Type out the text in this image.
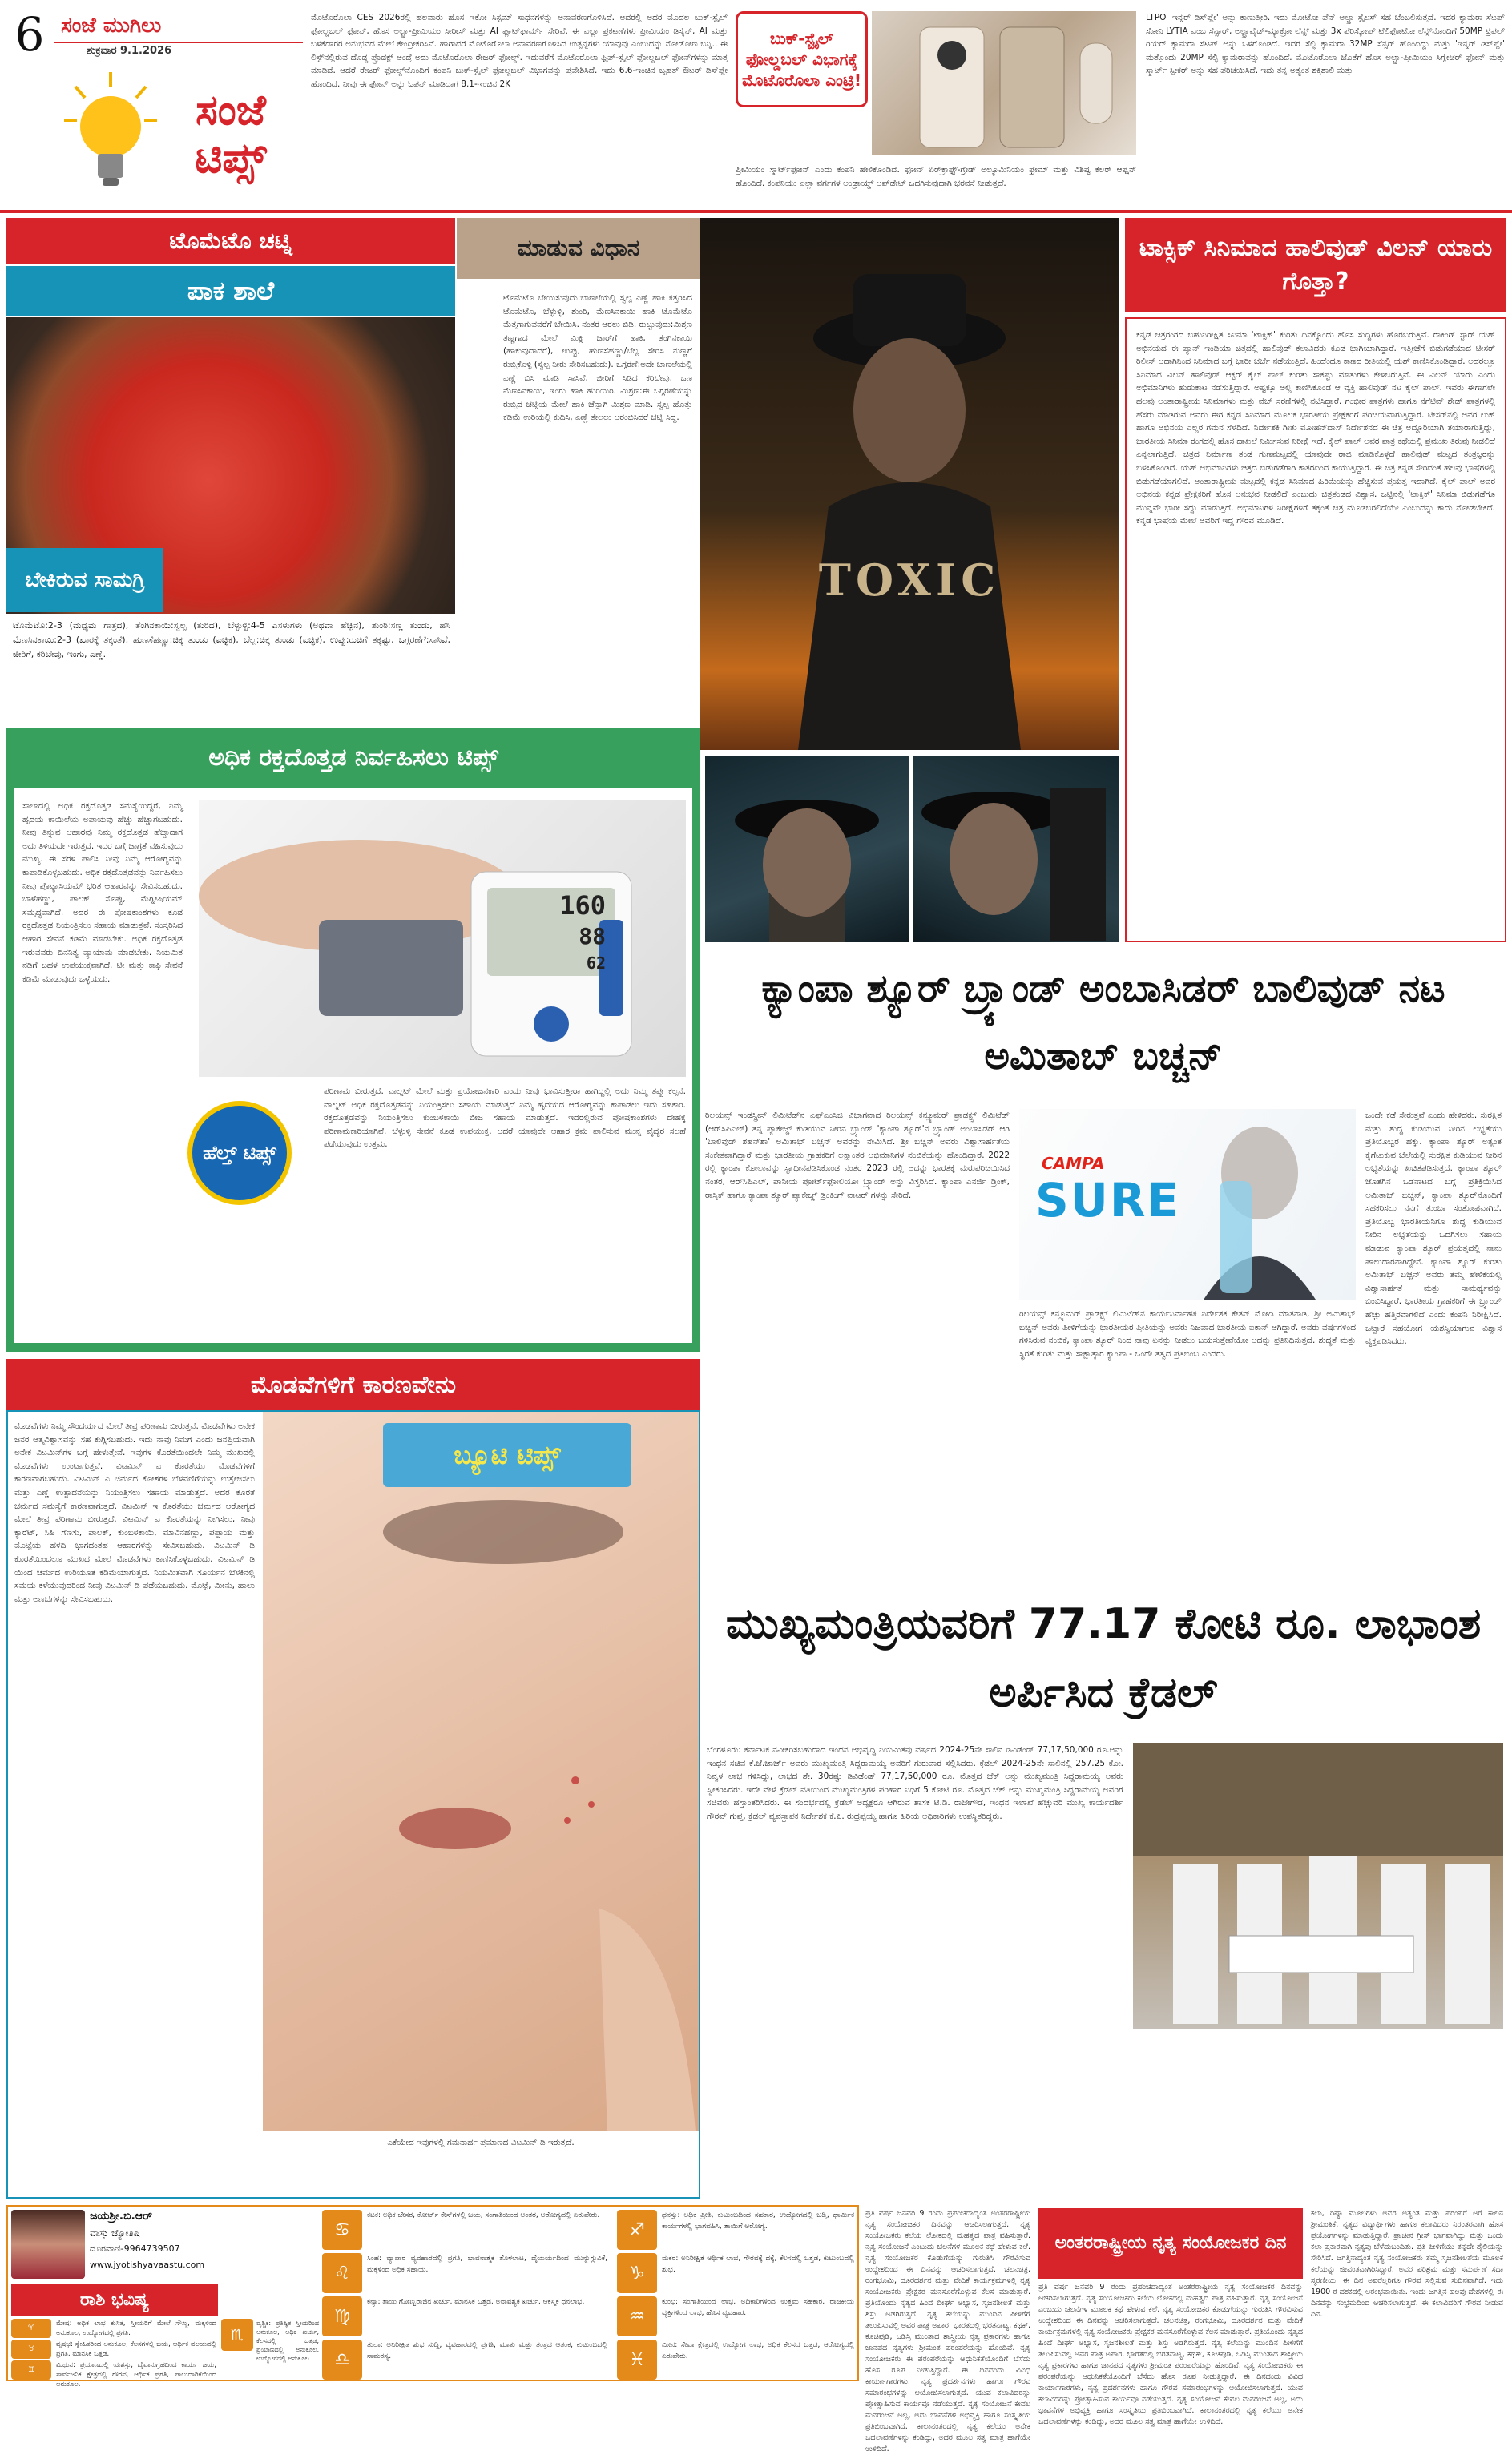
6 ಸಂಜೆ ಮುಗಿಲು
ಶುಕ್ರವಾರ 9.1.2026
ಸಂಜೆ ಟಿಪ್ಸ್
ಮೊಟೊರೊಲಾ CES 2026ರಲ್ಲಿ ಹಲವಾರು ಹೊಸ ಇಕೋ ಸಿಸ್ಟಮ್ ಸಾಧನಗಳನ್ನು ಅನಾವರಣಗೊಳಿಸಿದೆ. ಅದರಲ್ಲಿ ಅದರ ಮೊದಲ ಬುಕ್-ಸ್ಟೈಲ್ ಫೋಲ್ಡಬಲ್ ಫೋನ್, ಹೊಸ ಅಲ್ಟ್ರಾ-ಪ್ರೀಮಿಯಂ ಸೀರೀಸ್ ಮತ್ತು AI ಪ್ಲಾಟ್‌ಫಾರ್ಮ್ ಸೇರಿವೆ. ಈ ಎಲ್ಲಾ ಪ್ರಕಟಣೆಗಳು ಪ್ರೀಮಿಯಂ ಡಿಸೈನ್, AI ಮತ್ತು ಬಳಕೆದಾರರ ಅನುಭವದ ಮೇಲೆ ಕೇಂದ್ರೀಕರಿಸಿವೆ. ಹಾಗಾದರೆ ಮೊಟೊರೊಲಾ ಅನಾವರಣಗೊಳಿಸಿದ ಉತ್ಪನ್ನಗಳು ಯಾವುವು ಎಂಬುದನ್ನು ನೋಡೋಣ ಬನ್ನಿ.. ಈ ಲಿಸ್ಟ್‌ನಲ್ಲಿರುವ ದೊಡ್ಡ ಪ್ರೊಡಕ್ಟ್ ಅಂದ್ರೆ ಅದು ಮೊಟೊರೊಲಾ ರೇಜರ್ ಫೋಲ್ಡ್. ಇದುವರೆಗೆ ಮೊಟೊರೊಲಾ ಫ್ಲಿಪ್-ಸ್ಟೈಲ್ ಫೋಲ್ಡಬಲ್ ಫೋನ್‌ಗಳನ್ನು ಮಾತ್ರ ಮಾಡಿದೆ. ಆದರೆ ರೇಜರ್ ಫೋಲ್ಡ್‌ನೊಂದಿಗೆ ಕಂಪನಿ ಬುಕ್-ಸ್ಟೈಲ್ ಫೋಲ್ಡಬಲ್ ವಿಭಾಗವನ್ನು ಪ್ರವೇಶಿಸಿದೆ. ಇದು 6.6-ಇಂಚಿನ ಬೃಹತ್ ಔಟರ್ ಡಿಸ್‌ಪ್ಲೇ ಹೊಂದಿದೆ. ನೀವು ಈ ಫೋನ್ ಅನ್ನು ಓಪನ್ ಮಾಡಿದಾಗ 8.1-ಇಂಚಿನ 2K
ಬುಕ್-ಸ್ಟೈಲ್ ಫೋಲ್ಡಬಲ್ ವಿಭಾಗಕ್ಕೆ ಮೊಟೊರೊಲಾ ಎಂಟ್ರಿ!
ಪ್ರೀಮಿಯಂ ಸ್ಮಾರ್ಟ್‌ಫೋನ್ ಎಂದು ಕಂಪನಿ ಹೇಳಿಕೊಂಡಿದೆ. ಫೋನ್ ಏರ್‌ಕ್ರಾಫ್ಟ್-ಗ್ರೇಡ್ ಅಲ್ಯೂಮಿನಿಯಂ ಫ್ರೇಮ್ ಮತ್ತು ವಿಶಿಷ್ಟ ಕಲರ್ ಆಪ್ಷನ್ ಹೊಂದಿದೆ. ಕಂಪನಿಯು ಎಲ್ಲಾ ವರ್ಗಗಳ ಅಂಡ್ರಾಯ್ಡ್ ಅಪ್‌ಡೇಟ್ ಒದಗಿಸುವುದಾಗಿ ಭರವಸೆ ನೀಡುತ್ತದೆ.
LTPO 'ಇನ್ನರ್ ಡಿಸ್‌ಪ್ಲೇ' ಅನ್ನು ಕಾಣುತ್ತೀರಿ. ಇದು ಮೋಟೋ ಪೆನ್ ಅಲ್ಟ್ರಾ ಸ್ಟೈಲಸ್ ಸಹ ಬೆಂಬಲಿಸುತ್ತದೆ. ಇದರ ಕ್ಯಾಮರಾ ಸೆಟಪ್ ಸೋನಿ LYTIA ಎಂಬ ಸೆನ್ಸಾರ್, ಅಲ್ಟ್ರಾವೈಡ್-ಮ್ಯಾಕ್ರೋ ಲೆನ್ಸ್ ಮತ್ತು 3x ಪೆರಿಸ್ಕೋಪ್ ಟೆಲಿಫೋಟೋ ಲೆನ್ಸ್‌ನೊಂದಿಗೆ 50MP ಟ್ರಿಪಲ್ ರಿಯರ್ ಕ್ಯಾಮರಾ ಸೆಟಪ್ ಅನ್ನು ಒಳಗೊಂಡಿದೆ. ಇದರ ಸೆಲ್ಫಿ ಕ್ಯಾಮರಾ 32MP ಸೆನ್ಸರ್ ಹೊಂದಿದ್ದು ಮತ್ತು 'ಇನ್ನರ್ ಡಿಸ್‌ಪ್ಲೇ' ಮತ್ತೊಂದು 20MP ಸೆಲ್ಫಿ ಕ್ಯಾಮರಾವನ್ನು ಹೊಂದಿದೆ. ಮೊಟೊರೊಲಾ ಜೊತೆಗೆ ಹೊಸ ಅಲ್ಟ್ರಾ-ಪ್ರೀಮಿಯಂ ಸಿಗ್ನೇಚರ್ ಫೋನ್ ಮತ್ತು ಸ್ಮಾರ್ಟ್ ಸ್ಪೀಕರ್ ಅನ್ನು ಸಹ ಪರಿಚಯಿಸಿದೆ. ಇದು ತನ್ನ ಅತ್ಯಂತ ಶಕ್ತಿಶಾಲಿ ಮತ್ತು
ಟೊಮೆಟೊ ಚಟ್ನಿ	ಮಾಡುವ ವಿಧಾನ
ಪಾಕ ಶಾಲೆ
ಬೇಕಿರುವ ಸಾಮಗ್ರಿ
ಟೊಮೆಟೊ:2-3 (ಮಧ್ಯಮ ಗಾತ್ರದ), ತೆಂಗಿನಕಾಯಿ:ಸ್ವಲ್ಪ (ತುರಿದ), ಬೆಳ್ಳುಳ್ಳಿ:4-5 ಎಸಳುಗಳು (ಅಥವಾ ಹೆಚ್ಚಿನ), ಶುಂಠಿ:ಸಣ್ಣ ತುಂಡು, ಹಸಿ ಮೆಣಸಿನಕಾಯಿ:2-3 (ಖಾರಕ್ಕೆ ತಕ್ಕಂತೆ), ಹುಣಸೆಹಣ್ಣು:ಚಿಕ್ಕ ತುಂಡು (ಐಚ್ಛಿಕ), ಬೆಲ್ಲ:ಚಿಕ್ಕ ತುಂಡು (ಐಚ್ಛಿಕ), ಉಪ್ಪು:ರುಚಿಗೆ ತಕ್ಕಷ್ಟು, ಒಗ್ಗರಣೆಗೆ:ಸಾಸಿವೆ, ಜೀರಿಗೆ, ಕರಿಬೇವು, ಇಂಗು, ಎಣ್ಣೆ.
ಟೊಮೆಟೊ ಬೇಯಿಸುವುದು:ಬಾಣಲೆಯಲ್ಲಿ ಸ್ವಲ್ಪ ಎಣ್ಣೆ ಹಾಕಿ ಕತ್ತರಿಸಿದ ಟೊಮೆಟೊ, ಬೆಳ್ಳುಳ್ಳಿ, ಶುಂಠಿ, ಮೆಣಸಿನಕಾಯಿ ಹಾಕಿ ಟೊಮೆಟೊ ಮೆತ್ತಗಾಗುವವರೆಗೆ ಬೇಯಿಸಿ. ನಂತರ ಆರಲು ಬಿಡಿ. ರುಬ್ಬುವುದು:ಮಿಶ್ರಣ ತಣ್ಣಗಾದ ಮೇಲೆ ಮಿಕ್ಸಿ ಜಾರ್‌ಗೆ ಹಾಕಿ, ತೆಂಗಿನಕಾಯಿ (ಹಾಕುವುದಾದರೆ), ಉಪ್ಪು, ಹುಣಸೆಹಣ್ಣು/ಬೆಲ್ಲ ಸೇರಿಸಿ ನುಣ್ಣಗೆ ರುಬ್ಬಿಕೊಳ್ಳಿ (ಸ್ವಲ್ಪ ನೀರು ಸೇರಿಸಬಹುದು). ಒಗ್ಗರಣೆ:ಅದೇ ಬಾಣಲೆಯಲ್ಲಿ ಎಣ್ಣೆ ಬಿಸಿ ಮಾಡಿ ಸಾಸಿವೆ, ಜೀರಿಗೆ ಸಿಡಿದ ಕರಿಬೇವು, ಒಣ ಮೆಣಸಿನಕಾಯಿ, ಇಂಗು ಹಾಕಿ ಹುರಿಯಿರಿ. ಮಿಶ್ರಣ:ಈ ಒಗ್ಗರಣೆಯನ್ನು ರುಬ್ಬಿದ ಚಟ್ನಿಯ ಮೇಲೆ ಹಾಕಿ ಚೆನ್ನಾಗಿ ಮಿಶ್ರಣ ಮಾಡಿ. ಸ್ವಲ್ಪ ಹೊತ್ತು ಕಡಿಮೆ ಉರಿಯಲ್ಲಿ ಕುದಿಸಿ, ಎಣ್ಣೆ ತೇಲಲು ಆರಂಭಿಸಿದರೆ ಚಟ್ನಿ ಸಿದ್ಧ.
TOXIC
ಟಾಕ್ಸಿಕ್ ಸಿನಿಮಾದ ಹಾಲಿವುಡ್ ವಿಲನ್ ಯಾರು ಗೊತ್ತಾ?
ಕನ್ನಡ ಚಿತ್ರರಂಗದ ಬಹುನಿರೀಕ್ಷಿತ ಸಿನಿಮಾ 'ಟಾಕ್ಸಿಕ್' ಕುರಿತು ದಿನಕ್ಕೊಂದು ಹೊಸ ಸುದ್ದಿಗಳು ಹೊರಬರುತ್ತಿವೆ. ರಾಕಿಂಗ್ ಸ್ಟಾರ್ ಯಶ್ ಅಭಿನಯದ ಈ ಪ್ಯಾನ್ ಇಂಡಿಯಾ ಚಿತ್ರದಲ್ಲಿ ಹಾಲಿವುಡ್ ಕಲಾವಿದರು ಕೂಡ ಭಾಗಿಯಾಗಿದ್ದಾರೆ. ಇತ್ತೀಚೆಗೆ ಬಿಡುಗಡೆಯಾದ ಟೀಸರ್ ರಿಲೀಸ್ ಆದಾಗಿನಿಂದ ಸಿನಿಮಾದ ಬಗ್ಗೆ ಭಾರೀ ಚರ್ಚೆ ನಡೆಯುತ್ತಿದೆ. ಹಿಂದೆಂದೂ ಕಾಣದ ರೀತಿಯಲ್ಲಿ ಯಶ್ ಕಾಣಿಸಿಕೊಂಡಿದ್ದಾರೆ. ಅದರಲ್ಲೂ ಸಿನಿಮಾದ ವಿಲನ್ ಹಾಲಿವುಡ್ ಆಕ್ಟರ್ ಕೈಲ್ ಪಾಲ್ ಕುರಿತು ಸಾಕಷ್ಟು ಮಾತುಗಳು ಕೇಳಿಬರುತ್ತಿವೆ. ಈ ವಿಲನ್ ಯಾರು ಎಂದು ಅಭಿಮಾನಿಗಳು ಹುಡುಕಾಟ ನಡೆಸುತ್ತಿದ್ದಾರೆ. ಅಷ್ಟಕ್ಕೂ ಅಲ್ಲಿ ಕಾಣಿಸಿಕೊಂಡ ಆ ವ್ಯಕ್ತಿ ಹಾಲಿವುಡ್ ನಟ ಕೈಲ್ ಪಾಲ್. ಇವರು ಈಗಾಗಲೇ ಹಲವು ಅಂತಾರಾಷ್ಟ್ರೀಯ ಸಿನಿಮಾಗಳು ಮತ್ತು ವೆಬ್ ಸರಣಿಗಳಲ್ಲಿ ನಟಿಸಿದ್ದಾರೆ. ಗಂಭೀರ ಪಾತ್ರಗಳು ಹಾಗೂ ನೆಗೆಟಿವ್ ಶೇಡ್ ಪಾತ್ರಗಳಲ್ಲಿ ಹೆಸರು ಮಾಡಿರುವ ಅವರು ಈಗ ಕನ್ನಡ ಸಿನಿಮಾದ ಮೂಲಕ ಭಾರತೀಯ ಪ್ರೇಕ್ಷಕರಿಗೆ ಪರಿಚಯವಾಗುತ್ತಿದ್ದಾರೆ. ಟೀಸರ್‌ನಲ್ಲಿ ಅವರ ಲುಕ್ ಹಾಗೂ ಅಭಿನಯ ಎಲ್ಲರ ಗಮನ ಸೆಳೆದಿದೆ. ನಿರ್ದೇಶಕಿ ಗೀತು ಮೋಹನ್‌ದಾಸ್ ನಿರ್ದೇಶನದ ಈ ಚಿತ್ರ ಅದ್ದೂರಿಯಾಗಿ ತಯಾರಾಗುತ್ತಿದ್ದು, ಭಾರತೀಯ ಸಿನಿಮಾ ರಂಗದಲ್ಲಿ ಹೊಸ ದಾಖಲೆ ನಿರ್ಮಿಸುವ ನಿರೀಕ್ಷೆ ಇದೆ. ಕೈಲ್ ಪಾಲ್ ಅವರ ಪಾತ್ರ ಕಥೆಯಲ್ಲಿ ಪ್ರಮುಖ ತಿರುವು ನೀಡಲಿದೆ ಎನ್ನಲಾಗುತ್ತಿದೆ. ಚಿತ್ರದ ನಿರ್ಮಾಣ ತಂಡ ಗುಣಮಟ್ಟದಲ್ಲಿ ಯಾವುದೇ ರಾಜಿ ಮಾಡಿಕೊಳ್ಳದೆ ಹಾಲಿವುಡ್ ಮಟ್ಟದ ತಂತ್ರಜ್ಞರನ್ನು ಬಳಸಿಕೊಂಡಿದೆ. ಯಶ್ ಅಭಿಮಾನಿಗಳು ಚಿತ್ರದ ಬಿಡುಗಡೆಗಾಗಿ ಕಾತರದಿಂದ ಕಾಯುತ್ತಿದ್ದಾರೆ. ಈ ಚಿತ್ರ ಕನ್ನಡ ಸೇರಿದಂತೆ ಹಲವು ಭಾಷೆಗಳಲ್ಲಿ ಬಿಡುಗಡೆಯಾಗಲಿದೆ. ಅಂತಾರಾಷ್ಟ್ರೀಯ ಮಟ್ಟದಲ್ಲಿ ಕನ್ನಡ ಸಿನಿಮಾದ ಹಿರಿಮೆಯನ್ನು ಹೆಚ್ಚಿಸುವ ಪ್ರಯತ್ನ ಇದಾಗಿದೆ. ಕೈಲ್ ಪಾಲ್ ಅವರ ಅಭಿನಯ ಕನ್ನಡ ಪ್ರೇಕ್ಷಕರಿಗೆ ಹೊಸ ಅನುಭವ ನೀಡಲಿದೆ ಎಂಬುದು ಚಿತ್ರತಂಡದ ವಿಶ್ವಾಸ. ಒಟ್ಟಿನಲ್ಲಿ 'ಟಾಕ್ಸಿಕ್' ಸಿನಿಮಾ ಬಿಡುಗಡೆಗೂ ಮುನ್ನವೇ ಭಾರೀ ಸದ್ದು ಮಾಡುತ್ತಿದೆ. ಅಭಿಮಾನಿಗಳ ನಿರೀಕ್ಷೆಗಳಿಗೆ ತಕ್ಕಂತೆ ಚಿತ್ರ ಮೂಡಿಬರಲಿದೆಯೇ ಎಂಬುದನ್ನು ಕಾದು ನೋಡಬೇಕಿದೆ. ಕನ್ನಡ ಭಾಷೆಯ ಮೇಲೆ ಅವರಿಗೆ ಇದ್ದ ಗೌರವ ಮೂಡಿದೆ.
ಅಧಿಕ ರಕ್ತದೊತ್ತಡ ನಿರ್ವಹಿಸಲು ಟಿಪ್ಸ್
ಸಾಲಾದಲ್ಲಿ ಅಧಿಕ ರಕ್ತದೊತ್ತಡ ಸಮಸ್ಯೆಯಿದ್ದರೆ, ನಿಮ್ಮ ಹೃದಯ ಕಾಯಿಲೆಯ ಅಪಾಯವು ಹೆಚ್ಚು ಹೆಚ್ಚಾಗಬಹುದು. ನೀವು ತಿನ್ನುವ ಆಹಾರವು ನಿಮ್ಮ ರಕ್ತದೊತ್ತಡ ಹೆಚ್ಚಾದಾಗ ಅದು ತಿಳಿಯದೇ ಇರುತ್ತದೆ. ಇದರ ಬಗ್ಗೆ ಜಾಗ್ರತೆ ವಹಿಸುವುದು ಮುಖ್ಯ. ಈ ಸರಳ ಪಾಲಿಸಿ ನೀವು ನಿಮ್ಮ ಆರೋಗ್ಯವನ್ನು ಕಾಪಾಡಿಕೊಳ್ಳಬಹುದು. ಅಧಿಕ ರಕ್ತದೊತ್ತಡವನ್ನು ನಿರ್ವಹಿಸಲು ನೀವು ಪೊಟ್ಯಾಸಿಯಮ್ ಭರಿತ ಆಹಾರವನ್ನು ಸೇವಿಸಬಹುದು. ಬಾಳೆಹಣ್ಣು, ಪಾಲಕ್ ಸೊಪ್ಪು, ಮೆಗ್ನೀಷಿಯಮ್ ಸಮೃದ್ಧವಾಗಿದೆ. ಅದರ ಈ ಪೋಷಕಾಂಶಗಳು ಕೂಡ ರಕ್ತದೊತ್ತಡ ನಿಯಂತ್ರಿಸಲು ಸಹಾಯ ಮಾಡುತ್ತವೆ. ಸಂಸ್ಕರಿಸಿದ ಆಹಾರ ಸೇವನೆ ಕಡಿಮೆ ಮಾಡಬೇಕು. ಅಧಿಕ ರಕ್ತದೊತ್ತಡ ಇರುವವರು ದಿನನಿತ್ಯ ವ್ಯಾಯಾಮ ಮಾಡಬೇಕು. ನಿಯಮಿತ ನಡಿಗೆ ಬಹಳ ಉಪಯುಕ್ತವಾಗಿದೆ. ಟೀ ಮತ್ತು ಕಾಫಿ ಸೇವನೆ ಕಡಿಮೆ ಮಾಡುವುದು ಒಳ್ಳೆಯದು.
160
88
62
ಹೆಲ್ತ್ ಟಿಪ್ಸ್
ಪರಿಣಾಮ ಬೀರುತ್ತದೆ. ವಾಲ್ನಟ್ ಮೇಲೆ ಮತ್ತು ಪ್ರಯೋಜನಕಾರಿ ಎಂದು ನೀವು ಭಾವಿಸುತ್ತೀರಾ ಹಾಗಿದ್ದಲ್ಲಿ ಅದು ನಿಮ್ಮ ತಪ್ಪು ಕಲ್ಪನೆ. ವಾಲ್ನಟ್ ಅಧಿಕ ರಕ್ತದೊತ್ತಡವನ್ನು ನಿಯಂತ್ರಿಸಲು ಸಹಾಯ ಮಾಡುತ್ತದೆ ನಿಮ್ಮ ಹೃದಯದ ಆರೋಗ್ಯವನ್ನು ಕಾಪಾಡಲು ಇದು ಸಹಕಾರಿ. ರಕ್ತದೊತ್ತಡವನ್ನು ನಿಯಂತ್ರಿಸಲು ಕುಂಬಳಕಾಯಿ ಬೀಜ ಸಹಾಯ ಮಾಡುತ್ತದೆ. ಇದರಲ್ಲಿರುವ ಪೋಷಕಾಂಶಗಳು ದೇಹಕ್ಕೆ ಪರಿಣಾಮಕಾರಿಯಾಗಿವೆ. ಬೆಳ್ಳುಳ್ಳಿ ಸೇವನೆ ಕೂಡ ಉಪಯುಕ್ತ. ಆದರೆ ಯಾವುದೇ ಆಹಾರ ಕ್ರಮ ಪಾಲಿಸುವ ಮುನ್ನ ವೈದ್ಯರ ಸಲಹೆ ಪಡೆಯುವುದು ಉತ್ತಮ.
ಕ್ಯಾಂಪಾ ಶ್ಯೂರ್ ಬ್ರ್ಯಾಂಡ್ ಅಂಬಾಸಿಡರ್ ಬಾಲಿವುಡ್ ನಟ ಅಮಿತಾಬ್ ಬಚ್ಚನ್
ರಿಲಯನ್ಸ್ ಇಂಡಸ್ಟ್ರೀಸ್ ಲಿಮಿಟೆಡ್‌ನ ಎಫ್‌ಎಂಸಿಜಿ ವಿಭಾಗವಾದ ರಿಲಯನ್ಸ್ ಕನ್ಸ್ಯೂಮರ್ ಪ್ರಾಡಕ್ಟ್ಸ್ ಲಿಮಿಟೆಡ್ (ಆರ್‌ಸಿಪಿಎಲ್) ತನ್ನ ಪ್ಯಾಕೇಜ್ಡ್ ಕುಡಿಯುವ ನೀರಿನ ಬ್ರ್ಯಾಂಡ್ 'ಕ್ಯಾಂಪಾ ಶ್ಯೂರ್'ನ ಬ್ರ್ಯಾಂಡ್ ಅಂಬಾಸಿಡರ್ ಆಗಿ 'ಬಾಲಿವುಡ್ ಶಹನ್‌ಶಾ' ಅಮಿತಾಭ್ ಬಚ್ಚನ್ ಅವರನ್ನು ನೇಮಿಸಿದೆ. ಶ್ರೀ ಬಚ್ಚನ್ ಅವರು ವಿಶ್ವಾಸಾರ್ಹತೆಯ ಸಂಕೇತವಾಗಿದ್ದಾರೆ ಮತ್ತು ಭಾರತೀಯ ಗ್ರಾಹಕರಿಗೆ ಲಕ್ಷಾಂತರ ಅಭಿಮಾನಿಗಳ ನಂಬಿಕೆಯನ್ನು ಹೊಂದಿದ್ದಾರೆ. 2022 ರಲ್ಲಿ ಕ್ಯಾಂಪಾ ಕೋಲಾವನ್ನು ಸ್ವಾಧೀನಪಡಿಸಿಕೊಂಡ ನಂತರ 2023 ರಲ್ಲಿ ಅದನ್ನು ಭಾರತಕ್ಕೆ ಮರುಪರಿಚಯಿಸಿದ ನಂತರ, ಆರ್‌ಸಿಪಿಎಲ್, ಪಾನೀಯ ಪೋರ್ಟ್‌ಫೋಲಿಯೋ ಬ್ರ್ಯಾಂಡ್ ಅನ್ನು ವಿಸ್ತರಿಸಿದೆ. ಕ್ಯಾಂಪಾ ಎನರ್ಜಿ ಡ್ರಿಂಕ್, ರಾಸ್ಕಿಕ್ ಹಾಗೂ ಕ್ಯಾಂಪಾ ಶ್ಯೂರ್ ಪ್ಯಾಕೇಜ್ಡ್ ಡ್ರಿಂಕಿಂಗ್ ವಾಟರ್ ಗಳನ್ನು ಸೇರಿದೆ.
CAMPA
SURE
ರಿಲಯನ್ಸ್ ಕನ್ಸ್ಯೂಮರ್ ಪ್ರಾಡಕ್ಟ್ಸ್ ಲಿಮಿಟೆಡ್‌ನ ಕಾರ್ಯನಿರ್ವಾಹಕ ನಿರ್ದೇಶಕ ಕೇತನ್ ಮೋದಿ ಮಾತನಾಡಿ, ಶ್ರೀ ಅಮಿತಾಭ್ ಬಚ್ಚನ್ ಅವರು ಪೀಳಿಗೆಯನ್ನು ಭಾರತೀಯರ ಪ್ರೀತಿಯನ್ನು ಅವರು ನಿಜವಾದ ಭಾರತೀಯ ಐಕಾನ್ ಆಗಿದ್ದಾರೆ. ಅವರು ವರ್ಷಗಳಿಂದ ಗಳಿಸಿರುವ ನಂಬಿಕೆ, ಕ್ಯಾಂಪಾ ಶ್ಯೂರ್ ನಿಂದ ನಾವು ಏನನ್ನು ನೀಡಲು ಬಯಸುತ್ತೇವೆಯೋ ಅದನ್ನು ಪ್ರತಿನಿಧಿಸುತ್ತದೆ. ಶುದ್ಧತೆ ಮತ್ತು ಸ್ಥಿರತೆ ಕುರಿತು ಮತ್ತು ಸಾಕ್ಷಾತ್ಕಾರ ಕ್ಯಾಂಪಾ - ಒಂದೇ ತತ್ವದ ಪ್ರತಿಬಿಂಬ ಎಂದರು.
ಒಂದೇ ಕಡೆ ಸೇರುತ್ತವೆ ಎಂದು ಹೇಳಿದರು. ಸುರಕ್ಷಿತ ಮತ್ತು ಶುದ್ಧ ಕುಡಿಯುವ ನೀರಿನ ಲಭ್ಯತೆಯು ಪ್ರತಿಯೊಬ್ಬರ ಹಕ್ಕು. ಕ್ಯಾಂಪಾ ಶ್ಯೂರ್ ಅತ್ಯಂತ ಕೈಗೆಟುಕುವ ಬೆಲೆಯಲ್ಲಿ ಸುರಕ್ಷಿತ ಕುಡಿಯುವ ನೀರಿನ ಲಭ್ಯತೆಯನ್ನು ಖಚಿತಪಡಿಸುತ್ತದೆ. ಕ್ಯಾಂಪಾ ಶ್ಯೂರ್ ಜೊತೆಗಿನ ಒಡನಾಟದ ಬಗ್ಗೆ ಪ್ರತಿಕ್ರಿಯಿಸಿದ ಅಮಿತಾಭ್ ಬಚ್ಚನ್, ಕ್ಯಾಂಪಾ ಶ್ಯೂರ್‌ನೊಂದಿಗೆ ಸಹಕರಿಸಲು ನನಗೆ ತುಂಬಾ ಸಂತೋಷವಾಗಿದೆ. ಪ್ರತಿಯೊಬ್ಬ ಭಾರತೀಯನಿಗೂ ಶುದ್ಧ ಕುಡಿಯುವ ನೀರಿನ ಲಭ್ಯತೆಯನ್ನು ಒದಗಿಸಲು ಸಹಾಯ ಮಾಡುವ ಕ್ಯಾಂಪಾ ಶ್ಯೂರ್ ಪ್ರಯತ್ನದಲ್ಲಿ ನಾನು ಪಾಲುದಾರನಾಗಿದ್ದೇನೆ. ಕ್ಯಾಂಪಾ ಶ್ಯೂರ್ ಕುರಿತು ಅಮಿತಾಭ್ ಬಚ್ಚನ್ ಅವರು ತಮ್ಮ ಹೇಳಿಕೆಯಲ್ಲಿ ವಿಶ್ವಾಸಾರ್ಹತೆ ಮತ್ತು ಸಾಮರ್ಥ್ಯವನ್ನು ಬಿಂಬಿಸಿದ್ದಾರೆ. ಭಾರತೀಯ ಗ್ರಾಹಕರಿಗೆ ಈ ಬ್ರ್ಯಾಂಡ್ ಹೆಚ್ಚು ಹತ್ತಿರವಾಗಲಿದೆ ಎಂದು ಕಂಪನಿ ನಿರೀಕ್ಷಿಸಿದೆ. ಒಟ್ಟಾರೆ ಸಹಯೋಗ ಯಶಸ್ವಿಯಾಗುವ ವಿಶ್ವಾಸ ವ್ಯಕ್ತಪಡಿಸಿದರು.
ಮೊಡವೆಗಳಿಗೆ ಕಾರಣವೇನು
ಮೊಡವೆಗಳು ನಿಮ್ಮ ಸೌಂದರ್ಯದ ಮೇಲೆ ತೀವ್ರ ಪರಿಣಾಮ ಬೀರುತ್ತವೆ. ಮೊಡವೆಗಳು ಅನೇಕ ಜನರ ಆತ್ಮವಿಶ್ವಾಸವನ್ನು ಸಹ ಕುಗ್ಗಿಸಬಹುದು. ಇದು ನಾವು ನಿಮಗೆ ಎಂದು ಜನಪ್ರಿಯವಾಗಿ ಅನೇಕ ವಿಟಮಿನ್‌ಗಳ ಬಗ್ಗೆ ಹೇಳುತ್ತೇವೆ. ಇವುಗಳ ಕೊರತೆಯಿಂದಲೇ ನಿಮ್ಮ ಮುಖದಲ್ಲಿ ಮೊಡವೆಗಳು ಉಂಟಾಗುತ್ತವೆ. ವಿಟಮಿನ್ ಎ ಕೊರತೆಯು ಮೊಡವೆಗಳಿಗೆ ಕಾರಣವಾಗಬಹುದು. ವಿಟಮಿನ್ ಎ ಚರ್ಮದ ಕೋಶಗಳ ಬೆಳವಣಿಗೆಯನ್ನು ಉತ್ತೇಜಿಸಲು ಮತ್ತು ಎಣ್ಣೆ ಉತ್ಪಾದನೆಯನ್ನು ನಿಯಂತ್ರಿಸಲು ಸಹಾಯ ಮಾಡುತ್ತದೆ. ಅದರ ಕೊರತೆ ಚರ್ಮದ ಸಮಸ್ಯೆಗೆ ಕಾರಣವಾಗುತ್ತದೆ. ವಿಟಮಿನ್ ಇ ಕೊರತೆಯು ಚರ್ಮದ ಆರೋಗ್ಯದ ಮೇಲೆ ತೀವ್ರ ಪರಿಣಾಮ ಬೀರುತ್ತದೆ. ವಿಟಮಿನ್ ಎ ಕೊರತೆಯನ್ನು ನೀಗಿಸಲು, ನೀವು ಕ್ಯಾರೆಟ್, ಸಿಹಿ ಗೆಣಸು, ಪಾಲಕ್, ಕುಂಬಳಕಾಯಿ, ಮಾವಿನಹಣ್ಣು, ಪಪ್ಪಾಯ ಮತ್ತು ಮೊಟ್ಟೆಯ ಹಳದಿ ಭಾಗದಂತಹ ಆಹಾರಗಳನ್ನು ಸೇವಿಸಬಹುದು. ವಿಟಮಿನ್ ಡಿ ಕೊರತೆಯಿಂದಲೂ ಮುಖದ ಮೇಲೆ ಮೊಡವೆಗಳು ಕಾಣಿಸಿಕೊಳ್ಳಬಹುದು. ವಿಟಮಿನ್ ಡಿ ಯಿಂದ ಚರ್ಮದ ಉರಿಯೂತ ಕಡಿಮೆಯಾಗುತ್ತದೆ. ನಿಯಮಿತವಾಗಿ ಸೂರ್ಯನ ಬೆಳಕಿನಲ್ಲಿ ಸಮಯ ಕಳೆಯುವುದರಿಂದ ನೀವು ವಿಟಮಿನ್ ಡಿ ಪಡೆಯಬಹುದು. ಮೊಟ್ಟೆ, ಮೀನು, ಹಾಲು ಮತ್ತು ಅಣಬೆಗಳನ್ನು ಸೇವಿಸಬಹುದು.
ಬ್ಯೂಟಿ ಟಿಪ್ಸ್
ಎಕೆಯೇದ ಇವುಗಳಲ್ಲಿ ಗಮನಾರ್ಹ ಪ್ರಮಾಣದ ವಿಟಮಿನ್ ಡಿ ಇರುತ್ತದೆ.
ಮುಖ್ಯಮಂತ್ರಿಯವರಿಗೆ 77.17 ಕೋಟಿ ರೂ. ಲಾಭಾಂಶ ಅರ್ಪಿಸಿದ ಕ್ರೆಡಲ್
ಬೆಂಗಳೂರು: ಕರ್ನಾಟಕ ನವೀಕರಿಸಬಹುದಾದ ಇಂಧನ ಅಭಿವೃದ್ಧಿ ನಿಯಮಿತವು ವರ್ಷದ 2024-25ನೇ ಸಾಲಿನ ಡಿವಿಡೆಂಡ್ 77,17,50,000 ರೂ.ಅನ್ನು ಇಂಧನ ಸಚಿವ ಕೆ.ಜೆ.ಜಾರ್ಜ್ ಅವರು ಮುಖ್ಯಮಂತ್ರಿ ಸಿದ್ದರಾಮಯ್ಯ ಅವರಿಗೆ ಗುರುವಾರ ಸಲ್ಲಿಸಿದರು. ಕ್ರೆಡಲ್ 2024-25ನೇ ಸಾಲಿನಲ್ಲಿ 257.25 ಕೋ. ನಿವ್ವಳ ಲಾಭ ಗಳಿಸಿದ್ದು, ಲಾಭದ ಶೇ. 30ರಷ್ಟು ಡಿವಿಡೆಂಡ್ 77,17,50,000 ರೂ. ಮೊತ್ತದ ಚೆಕ್ ಅನ್ನು ಮುಖ್ಯಮಂತ್ರಿ ಸಿದ್ದರಾಮಯ್ಯ ಅವರು ಸ್ವೀಕರಿಸಿದರು. ಇದೇ ವೇಳೆ ಕ್ರೆಡಲ್ ವತಿಯಿಂದ ಮುಖ್ಯಮಂತ್ರಿಗಳ ಪರಿಹಾರ ನಿಧಿಗೆ 5 ಕೋಟಿ ರೂ. ಮೊತ್ತದ ಚೆಕ್ ಅನ್ನು ಮುಖ್ಯಮಂತ್ರಿ ಸಿದ್ದರಾಮಯ್ಯ ಅವರಿಗೆ ಸಚಿವರು ಹಸ್ತಾಂತರಿಸಿದರು. ಈ ಸಂದರ್ಭದಲ್ಲಿ ಕ್ರೆಡಲ್ ಅಧ್ಯಕ್ಷರೂ ಆಗಿರುವ ಶಾಸಕ ಟಿ.ಡಿ. ರಾಜೇಗೌಡ, ಇಂಧನ ಇಲಾಖೆ ಹೆಚ್ಚುವರಿ ಮುಖ್ಯ ಕಾರ್ಯದರ್ಶಿ ಗೌರವ್ ಗುಪ್ತ, ಕ್ರೆಡಲ್ ವ್ಯವಸ್ಥಾಪಕ ನಿರ್ದೇಶಕ ಕೆ.ಪಿ. ರುದ್ರಪ್ಪಯ್ಯ ಹಾಗೂ ಹಿರಿಯ ಅಧಿಕಾರಿಗಳು ಉಪಸ್ಥಿತರಿದ್ದರು.
ಜಯಶ್ರೀ.ಬಿ.ಆರ್
ವಾಸ್ತು ಜ್ಯೋತಿಷಿ
ದೂರವಾಣಿ-9964739507
www.jyotishyavaastu.com
ರಾಶಿ ಭವಿಷ್ಯ
♈
ಮೇಷ: ಅಧಿಕ ಲಾಭ ಕುಸಿತ, ಸ್ತ್ರೀಯರಿಗೆ ಮೇಲೆ ಸೌಖ್ಯ, ಮಕ್ಕಳಿಂದ ಅನುಕೂಲ, ಉದ್ಯೋಗದಲ್ಲಿ ಪ್ರಗತಿ.
♉
ವೃಷಭ: ಸ್ನೇಹಿತರಿಂದ ಅನುಕೂಲ, ಕೆಲಸಗಳಲ್ಲಿ ಜಯ, ಆರ್ಥಿಕ ವಲಯದಲ್ಲಿ ಪ್ರಗತಿ, ಮಾನಸಿಕ ಒತ್ತಡ.
♊
ಮಿಥುನ: ಪ್ರಯಾಣದಲ್ಲಿ ಯಶಸ್ಸು, ದೈವಾನುಗ್ರಹದಿಂದ ಕಾರ್ಯ ಜಯ, ಸಾರ್ವಜನಿಕ ಕ್ಷೇತ್ರದಲ್ಲಿ ಗೌರವ, ಆರ್ಥಿಕ ಪ್ರಗತಿ, ಪಾಲುದಾರಿಕೆಯಿಂದ ಅನುಕೂಲ.
♋
ಕಟಕ: ಅಧಿಕ ಬೇಸರ, ಕೋರ್ಟ್ ಕೇಸ್‌ಗಳಲ್ಲಿ ಜಯ, ಸಂಗಾತಿಯಿಂದ ಆಂತರ, ಆರೋಗ್ಯದಲ್ಲಿ ಏರುಪೇರು.
♌
ಸಿಂಹ: ವ್ಯಾಪಾರ ವ್ಯವಹಾರದಲ್ಲಿ ಪ್ರಗತಿ, ಭಾವನಾತ್ಮಕ ತೊಳಲಾಟ, ದೈಯರ್ಯದಿಂದ ಮುನ್ನುಗ್ಗುವಿಕೆ, ಮಕ್ಕಳಿಂದ ಅಧಿಕ ಸಹಾಯ.
♍
ಕನ್ಯಾ: ತಾಯಿ ಗೋಣ್ವರಾಜಿನ ಖರ್ಚು, ಮಾನಸಿಕ ಒತ್ತಡ, ಅನಾವಶ್ಯಕ ಖರ್ಚು, ಆಕಸ್ಮಿಕ ಧನಲಾಭ.
♎
ತುಲಾ: ಅನಿರೀಕ್ಷಿತ ಶುಭ ಸುದ್ದಿ, ವ್ಯವಹಾರದಲ್ಲಿ ಪ್ರಗತಿ, ಮಾತು ಮತ್ತು ತಂತ್ರದ ಆತಂಕ, ಕುಟುಂಬದಲ್ಲಿ ಸಾಮರಸ್ಯ.
♐
ಧನಸ್ಸು: ಅಧಿಕ ಪ್ರೀತಿ, ಕುಟುಂಬದಿಂದ ಸಹಕಾರ, ಉದ್ಯೋಗದಲ್ಲಿ ಬಡ್ತಿ, ಧಾರ್ಮಿಕ ಕಾರ್ಯಗಳಲ್ಲಿ ಭಾಗವಹಿಸಿ, ತಾಯಿಗೆ ಆರೋಗ್ಯ.
♑
ಮಕರ: ಅನಿರೀಕ್ಷಿತ ಆರ್ಥಿಕ ಲಾಭ, ಗೌರವಕ್ಕೆ ಧಕ್ಕೆ, ಕೆಲಸದಲ್ಲಿ ಒತ್ತಡ, ಕುಟುಂಬದಲ್ಲಿ ಶುಭ.
♒
ಕುಂಭ: ಸಂಗಾತಿಯಿಂದ ಲಾಭ, ಅಧಿಕಾರಿಗಳಿಂದ ಉತ್ತಮ ಸಹಕಾರ, ರಾಜಕೀಯ ವ್ಯಕ್ತಿಗಳಿಂದ ಲಾಭ, ಹೊಸ ವ್ಯವಹಾರ.
♓
ಮೀನ: ಸೇವಾ ಕ್ಷೇತ್ರದಲ್ಲಿ ಉದ್ಯೋಗ ಲಾಭ, ಅಧಿಕ ಕೆಲಸದ ಒತ್ತಡ, ಆರೋಗ್ಯದಲ್ಲಿ ಏರುಪೇರು.
♏
ವೃಶ್ಚಿಕ: ಪ್ರತಿಷ್ಠಿತ ಸ್ತ್ರೀಯರಿಂದ ಅನುಕೂಲ, ಅಧಿಕ ಖರ್ಚು, ಕೆಲಸದಲ್ಲಿ ಒತ್ತಡ, ಪ್ರಯಾಣದಲ್ಲಿ ಅನುಕೂಲ, ಉದ್ಯೋಗದಲ್ಲಿ ಅನುಕೂಲ.
ಅಂತರರಾಷ್ಟ್ರೀಯ ನೃತ್ಯ ಸಂಯೋಜಕರ ದಿನ
ಪ್ರತಿ ವರ್ಷ ಜನವರಿ 9 ರಂದು ಪ್ರಪಂಚದಾದ್ಯಂತ ಅಂತರರಾಷ್ಟ್ರೀಯ ನೃತ್ಯ ಸಂಯೋಜಕರ ದಿನವನ್ನು ಆಚರಿಸಲಾಗುತ್ತದೆ. ನೃತ್ಯ ಸಂಯೋಜಕರು ಕಲೆಯ ಲೋಕದಲ್ಲಿ ಮಹತ್ವದ ಪಾತ್ರ ವಹಿಸುತ್ತಾರೆ. ನೃತ್ಯ ಸಂಯೋಜನೆ ಎಂಬುದು ಚಲನೆಗಳ ಮೂಲಕ ಕಥೆ ಹೇಳುವ ಕಲೆ. ನೃತ್ಯ ಸಂಯೋಜಕರ ಕೊಡುಗೆಯನ್ನು ಗುರುತಿಸಿ ಗೌರವಿಸುವ ಉದ್ದೇಶದಿಂದ ಈ ದಿನವನ್ನು ಆಚರಿಸಲಾಗುತ್ತದೆ. ಚಲನಚಿತ್ರ, ರಂಗಭೂಮಿ, ದೂರದರ್ಶನ ಮತ್ತು ವೇದಿಕೆ ಕಾರ್ಯಕ್ರಮಗಳಲ್ಲಿ ನೃತ್ಯ ಸಂಯೋಜಕರು ಪ್ರೇಕ್ಷಕರ ಮನಸೂರೆಗೊಳ್ಳುವ ಕೆಲಸ ಮಾಡುತ್ತಾರೆ. ಪ್ರತಿಯೊಂದು ನೃತ್ಯದ ಹಿಂದೆ ದೀರ್ಘ ಅಭ್ಯಾಸ, ಸೃಜನಶೀಲತೆ ಮತ್ತು ಶಿಸ್ತು ಅಡಗಿರುತ್ತದೆ. ನೃತ್ಯ ಕಲೆಯನ್ನು ಮುಂದಿನ ಪೀಳಿಗೆಗೆ ತಲುಪಿಸುವಲ್ಲಿ ಅವರ ಪಾತ್ರ ಅಪಾರ. ಭಾರತದಲ್ಲಿ ಭರತನಾಟ್ಯ, ಕಥಕ್, ಕೂಚಿಪುಡಿ, ಒಡಿಸ್ಸಿ ಮುಂತಾದ ಶಾಸ್ತ್ರೀಯ ನೃತ್ಯ ಪ್ರಕಾರಗಳು ಹಾಗೂ ಜಾನಪದ ನೃತ್ಯಗಳು ಶ್ರೀಮಂತ ಪರಂಪರೆಯನ್ನು ಹೊಂದಿವೆ. ನೃತ್ಯ ಸಂಯೋಜಕರು ಈ ಪರಂಪರೆಯನ್ನು ಆಧುನಿಕತೆಯೊಂದಿಗೆ ಬೆಸೆದು ಹೊಸ ರೂಪ ನೀಡುತ್ತಿದ್ದಾರೆ. ಈ ದಿನದಂದು ವಿವಿಧ ಕಾರ್ಯಾಗಾರಗಳು, ನೃತ್ಯ ಪ್ರದರ್ಶನಗಳು ಹಾಗೂ ಗೌರವ ಸಮಾರಂಭಗಳನ್ನು ಆಯೋಜಿಸಲಾಗುತ್ತದೆ. ಯುವ ಕಲಾವಿದರನ್ನು ಪ್ರೋತ್ಸಾಹಿಸುವ ಕಾರ್ಯವೂ ನಡೆಯುತ್ತದೆ. ನೃತ್ಯ ಸಂಯೋಜನೆ ಕೇವಲ ಮನರಂಜನೆ ಅಲ್ಲ, ಅದು ಭಾವನೆಗಳ ಅಭಿವ್ಯಕ್ತಿ ಹಾಗೂ ಸಂಸ್ಕೃತಿಯ ಪ್ರತಿಬಿಂಬವಾಗಿದೆ. ಕಾಲಾನಂತರದಲ್ಲಿ ನೃತ್ಯ ಕಲೆಯು ಅನೇಕ ಬದಲಾವಣೆಗಳನ್ನು ಕಂಡಿದ್ದು, ಅದರ ಮೂಲ ಸತ್ವ ಮಾತ್ರ ಹಾಗೆಯೇ ಉಳಿದಿದೆ.
ಪ್ರತಿ ವರ್ಷ ಜನವರಿ 9 ರಂದು ಪ್ರಪಂಚದಾದ್ಯಂತ ಅಂತರರಾಷ್ಟ್ರೀಯ ನೃತ್ಯ ಸಂಯೋಜಕರ ದಿನವನ್ನು ಆಚರಿಸಲಾಗುತ್ತದೆ. ನೃತ್ಯ ಸಂಯೋಜಕರು ಕಲೆಯ ಲೋಕದಲ್ಲಿ ಮಹತ್ವದ ಪಾತ್ರ ವಹಿಸುತ್ತಾರೆ. ನೃತ್ಯ ಸಂಯೋಜನೆ ಎಂಬುದು ಚಲನೆಗಳ ಮೂಲಕ ಕಥೆ ಹೇಳುವ ಕಲೆ. ನೃತ್ಯ ಸಂಯೋಜಕರ ಕೊಡುಗೆಯನ್ನು ಗುರುತಿಸಿ ಗೌರವಿಸುವ ಉದ್ದೇಶದಿಂದ ಈ ದಿನವನ್ನು ಆಚರಿಸಲಾಗುತ್ತದೆ. ಚಲನಚಿತ್ರ, ರಂಗಭೂಮಿ, ದೂರದರ್ಶನ ಮತ್ತು ವೇದಿಕೆ ಕಾರ್ಯಕ್ರಮಗಳಲ್ಲಿ ನೃತ್ಯ ಸಂಯೋಜಕರು ಪ್ರೇಕ್ಷಕರ ಮನಸೂರೆಗೊಳ್ಳುವ ಕೆಲಸ ಮಾಡುತ್ತಾರೆ. ಪ್ರತಿಯೊಂದು ನೃತ್ಯದ ಹಿಂದೆ ದೀರ್ಘ ಅಭ್ಯಾಸ, ಸೃಜನಶೀಲತೆ ಮತ್ತು ಶಿಸ್ತು ಅಡಗಿರುತ್ತದೆ. ನೃತ್ಯ ಕಲೆಯನ್ನು ಮುಂದಿನ ಪೀಳಿಗೆಗೆ ತಲುಪಿಸುವಲ್ಲಿ ಅವರ ಪಾತ್ರ ಅಪಾರ. ಭಾರತದಲ್ಲಿ ಭರತನಾಟ್ಯ, ಕಥಕ್, ಕೂಚಿಪುಡಿ, ಒಡಿಸ್ಸಿ ಮುಂತಾದ ಶಾಸ್ತ್ರೀಯ ನೃತ್ಯ ಪ್ರಕಾರಗಳು ಹಾಗೂ ಜಾನಪದ ನೃತ್ಯಗಳು ಶ್ರೀಮಂತ ಪರಂಪರೆಯನ್ನು ಹೊಂದಿವೆ. ನೃತ್ಯ ಸಂಯೋಜಕರು ಈ ಪರಂಪರೆಯನ್ನು ಆಧುನಿಕತೆಯೊಂದಿಗೆ ಬೆಸೆದು ಹೊಸ ರೂಪ ನೀಡುತ್ತಿದ್ದಾರೆ. ಈ ದಿನದಂದು ವಿವಿಧ ಕಾರ್ಯಾಗಾರಗಳು, ನೃತ್ಯ ಪ್ರದರ್ಶನಗಳು ಹಾಗೂ ಗೌರವ ಸಮಾರಂಭಗಳನ್ನು ಆಯೋಜಿಸಲಾಗುತ್ತದೆ. ಯುವ ಕಲಾವಿದರನ್ನು ಪ್ರೋತ್ಸಾಹಿಸುವ ಕಾರ್ಯವೂ ನಡೆಯುತ್ತದೆ. ನೃತ್ಯ ಸಂಯೋಜನೆ ಕೇವಲ ಮನರಂಜನೆ ಅಲ್ಲ, ಅದು ಭಾವನೆಗಳ ಅಭಿವ್ಯಕ್ತಿ ಹಾಗೂ ಸಂಸ್ಕೃತಿಯ ಪ್ರತಿಬಿಂಬವಾಗಿದೆ. ಕಾಲಾನಂತರದಲ್ಲಿ ನೃತ್ಯ ಕಲೆಯು ಅನೇಕ ಬದಲಾವಣೆಗಳನ್ನು ಕಂಡಿದ್ದು, ಅದರ ಮೂಲ ಸತ್ವ ಮಾತ್ರ ಹಾಗೆಯೇ ಉಳಿದಿದೆ.
ಕಲಾ, ರಿಷ್ಯಾ ಮೂಲಗಳು ಅವರ ಅತ್ಯಂತ ಮತ್ತು ಪರಂಪರೆ ಅರೆ ಕಾಲಿನ ಶ್ರೀಮಂತಿಕೆ. ನೃತ್ಯದ ವಿದ್ಯಾರ್ಥಿಗಳು ಹಾಗೂ ಕಲಾವಿದರು ನಿರಂತರವಾಗಿ ಹೊಸ ಪ್ರಯೋಗಗಳನ್ನು ಮಾಡುತ್ತಿದ್ದಾರೆ. ಪ್ರಾಚೀನ ಗ್ರೀಸ್ ಭಾಗವಾಗಿದ್ದು ಮತ್ತು ಒಂದು ಕಲಾ ಪ್ರಕಾರವಾಗಿ ನೃತ್ಯವು ಬೆಳೆದುಬಂದಿತು. ಪ್ರತಿ ಪೀಳಿಗೆಯು ತನ್ನದೇ ಶೈಲಿಯನ್ನು ಸೇರಿಸಿದೆ. ಜಗತ್ತಿನಾದ್ಯಂತ ನೃತ್ಯ ಸಂಯೋಜಕರು ತಮ್ಮ ಸೃಜನಶೀಲತೆಯ ಮೂಲಕ ಕಲೆಯನ್ನು ಜೀವಂತವಾಗಿರಿಸಿದ್ದಾರೆ. ಅವರ ಪರಿಶ್ರಮ ಮತ್ತು ಸಮರ್ಪಣೆ ಸದಾ ಸ್ಮರಣೀಯ. ಈ ದಿನ ಅವರೆಲ್ಲರಿಗೂ ಗೌರವ ಸಲ್ಲಿಸುವ ಸುದಿನವಾಗಿದೆ. ಇದು 1900 ರ ದಶಕದಲ್ಲಿ ಆರಂಭವಾಯಿತು. ಇಂದು ಜಗತ್ತಿನ ಹಲವು ದೇಶಗಳಲ್ಲಿ ಈ ದಿನವನ್ನು ಸಂಭ್ರಮದಿಂದ ಆಚರಿಸಲಾಗುತ್ತದೆ. ಈ ಕಲಾವಿದರಿಗೆ ಗೌರವ ನೀಡುವ ದಿನ.
